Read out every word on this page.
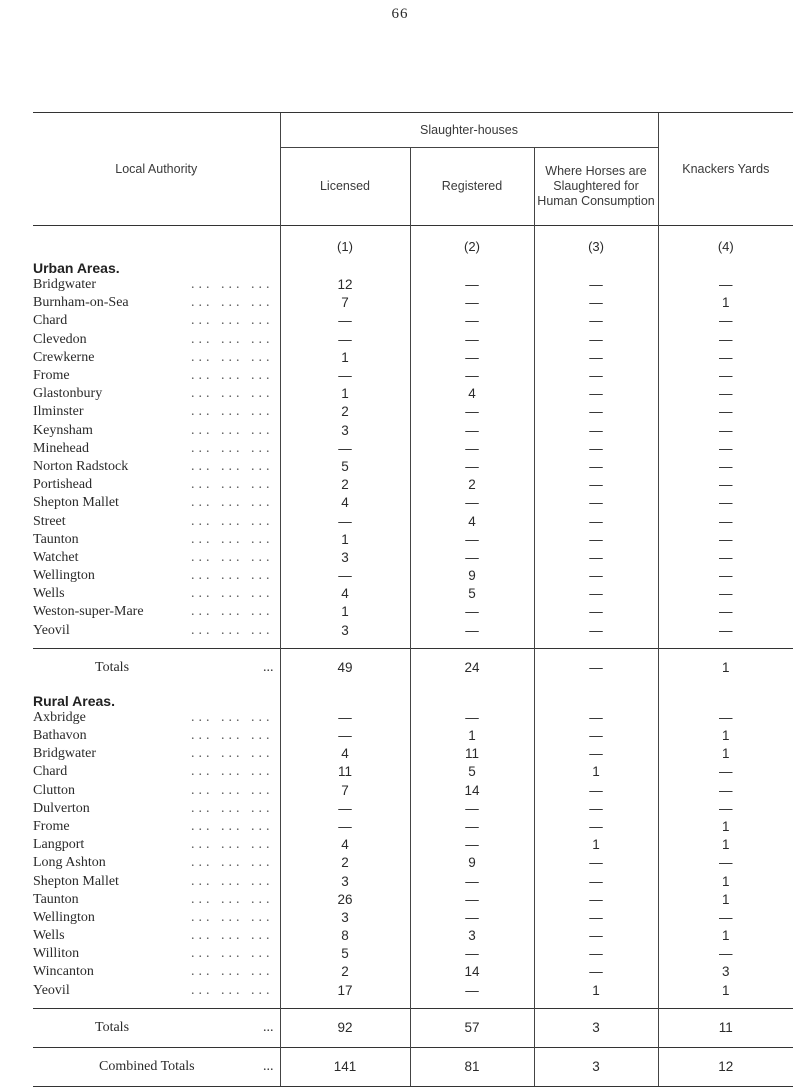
66
Local Authority	Slaughter-houses			Knackers Yards
	Licensed	Registered	Where Horses are Slaughtered for Human Consumption	
	(1)	(2)	(3)	(4)
Urban Areas.				

Bridgwater ... ... ...	12	—	—	—

Burnham-on-Sea ... ... ...	7	—	—	1

Chard ... ... ...	—	—	—	—

Clevedon ... ... ...	—	—	—	—

Crewkerne ... ... ...	1	—	—	—

Frome ... ... ...	—	—	—	—

Glastonbury ... ... ...	1	4	—	—

Ilminster ... ... ...	2	—	—	—

Keynsham ... ... ...	3	—	—	—

Minehead ... ... ...	—	—	—	—

Norton Radstock ... ... ...	5	—	—	—

Portishead ... ... ...	2	2	—	—

Shepton Mallet ... ... ...	4	—	—	—

Street ... ... ...	—	4	—	—

Taunton ... ... ...	1	—	—	—

Watchet ... ... ...	3	—	—	—

Wellington ... ... ...	—	9	—	—

Wells ... ... ...	4	5	—	—

Weston-super-Mare ... ... ...	1	—	—	—

Yeovil ... ... ...	3	—	—	—

Totals ...	49	24	—	1
Rural Areas.				

Axbridge ... ... ...	—	—	—	—

Bathavon ... ... ...	—	1	—	1

Bridgwater ... ... ...	4	11	—	1

Chard ... ... ...	11	5	1	—

Clutton ... ... ...	7	14	—	—

Dulverton ... ... ...	—	—	—	—

Frome ... ... ...	—	—	—	1

Langport ... ... ...	4	—	1	1

Long Ashton ... ... ...	2	9	—	—

Shepton Mallet ... ... ...	3	—	—	1

Taunton ... ... ...	26	—	—	1

Wellington ... ... ...	3	—	—	—

Wells ... ... ...	8	3	—	1

Williton ... ... ...	5	—	—	—

Wincanton ... ... ...	2	14	—	3

Yeovil ... ... ...	17	—	1	1

Totals ...	92	57	3	11

Combined Totals ...	141	81	3	12
